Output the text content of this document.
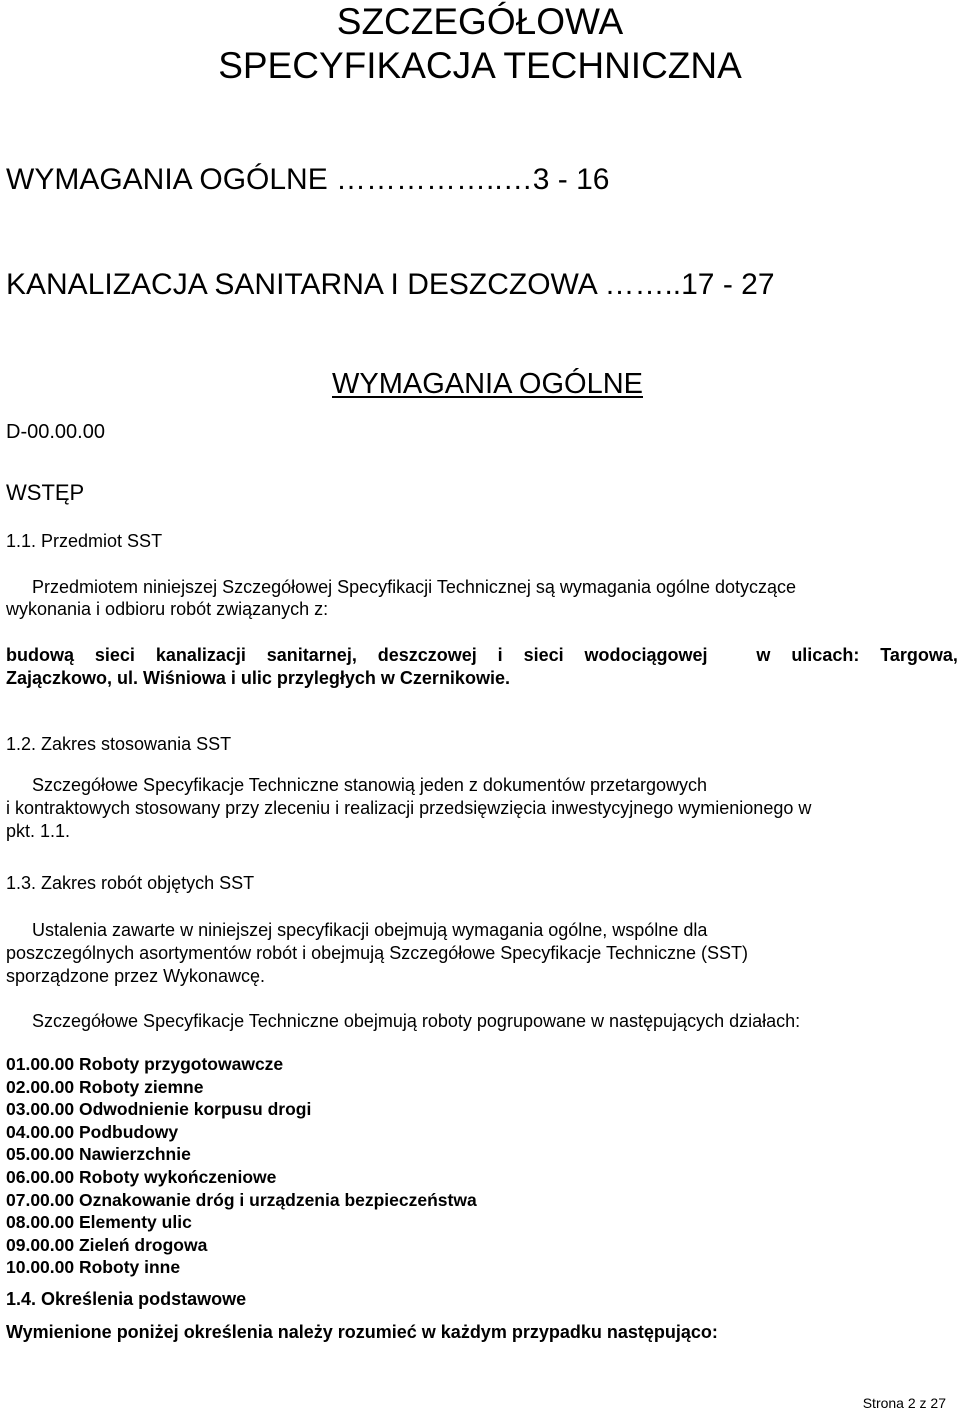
SZCZEGÓŁOWA
SPECYFIKACJA TECHNICZNA
WYMAGANIA OGÓLNE ……………..…3 - 16
KANALIZACJA SANITARNA I DESZCZOWA ……..17 - 27
WYMAGANIA OGÓLNE
D-00.00.00
WSTĘP
1.1. Przedmiot SST
Przedmiotem niniejszej Szczegółowej Specyfikacji Technicznej są wymagania ogólne dotyczące
wykonania i odbioru robót związanych z:
budową sieci kanalizacji sanitarnej, deszczowej i sieci wodociągowej	w ulicach: Targowa,
Zajączkowo, ul. Wiśniowa i ulic przyległych w Czernikowie.
1.2. Zakres stosowania SST
Szczegółowe Specyfikacje Techniczne stanowią jeden z dokumentów przetargowych
i kontraktowych stosowany przy zleceniu i realizacji przedsięwzięcia inwestycyjnego wymienionego w
pkt. 1.1.
1.3. Zakres robót objętych SST
Ustalenia zawarte w niniejszej specyfikacji obejmują wymagania ogólne, wspólne dla
poszczególnych asortymentów robót i obejmują Szczegółowe Specyfikacje Techniczne (SST)
sporządzone przez Wykonawcę.
Szczegółowe Specyfikacje Techniczne obejmują roboty pogrupowane w następujących działach:
01.00.00 Roboty przygotowawcze
02.00.00 Roboty ziemne
03.00.00 Odwodnienie korpusu drogi
04.00.00 Podbudowy
05.00.00 Nawierzchnie
06.00.00 Roboty wykończeniowe
07.00.00 Oznakowanie dróg i urządzenia bezpieczeństwa
08.00.00 Elementy ulic
09.00.00 Zieleń drogowa
10.00.00 Roboty inne
1.4. Określenia podstawowe
Wymienione poniżej określenia należy rozumieć w każdym przypadku następująco:
Strona 2 z 27
